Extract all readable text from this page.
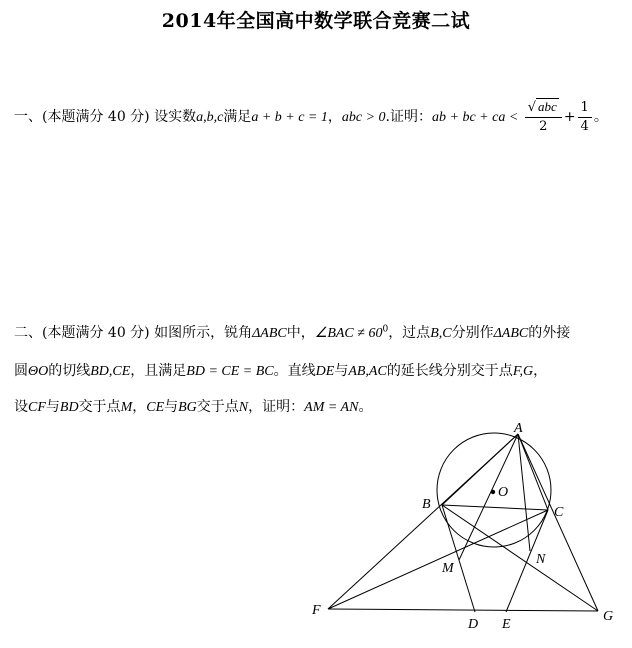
2014年全国高中数学联合竞赛二试
一、(本题满分 40 分) 设实数a,b,c满足a + b + c = 1，abc > 0.证明：ab + bc + ca < $\frac{\text{√ abc}}{2} + \frac{1}{4}$ 。
二、(本题满分 40 分) 如图所示，锐角ΔABC中，∠BAC ≠ $60^0$，过点B,C分别作ΔABC的外接
圆ΘO的切线BD,CE，且满足BD = CE = BC。直线DE与AB,AC的延长线分别交于点F,G，
设CF与BD交于点M，CE与BG交于点N，证明：AM = AN。
A
B
C
O
D E
F	G
M
N
